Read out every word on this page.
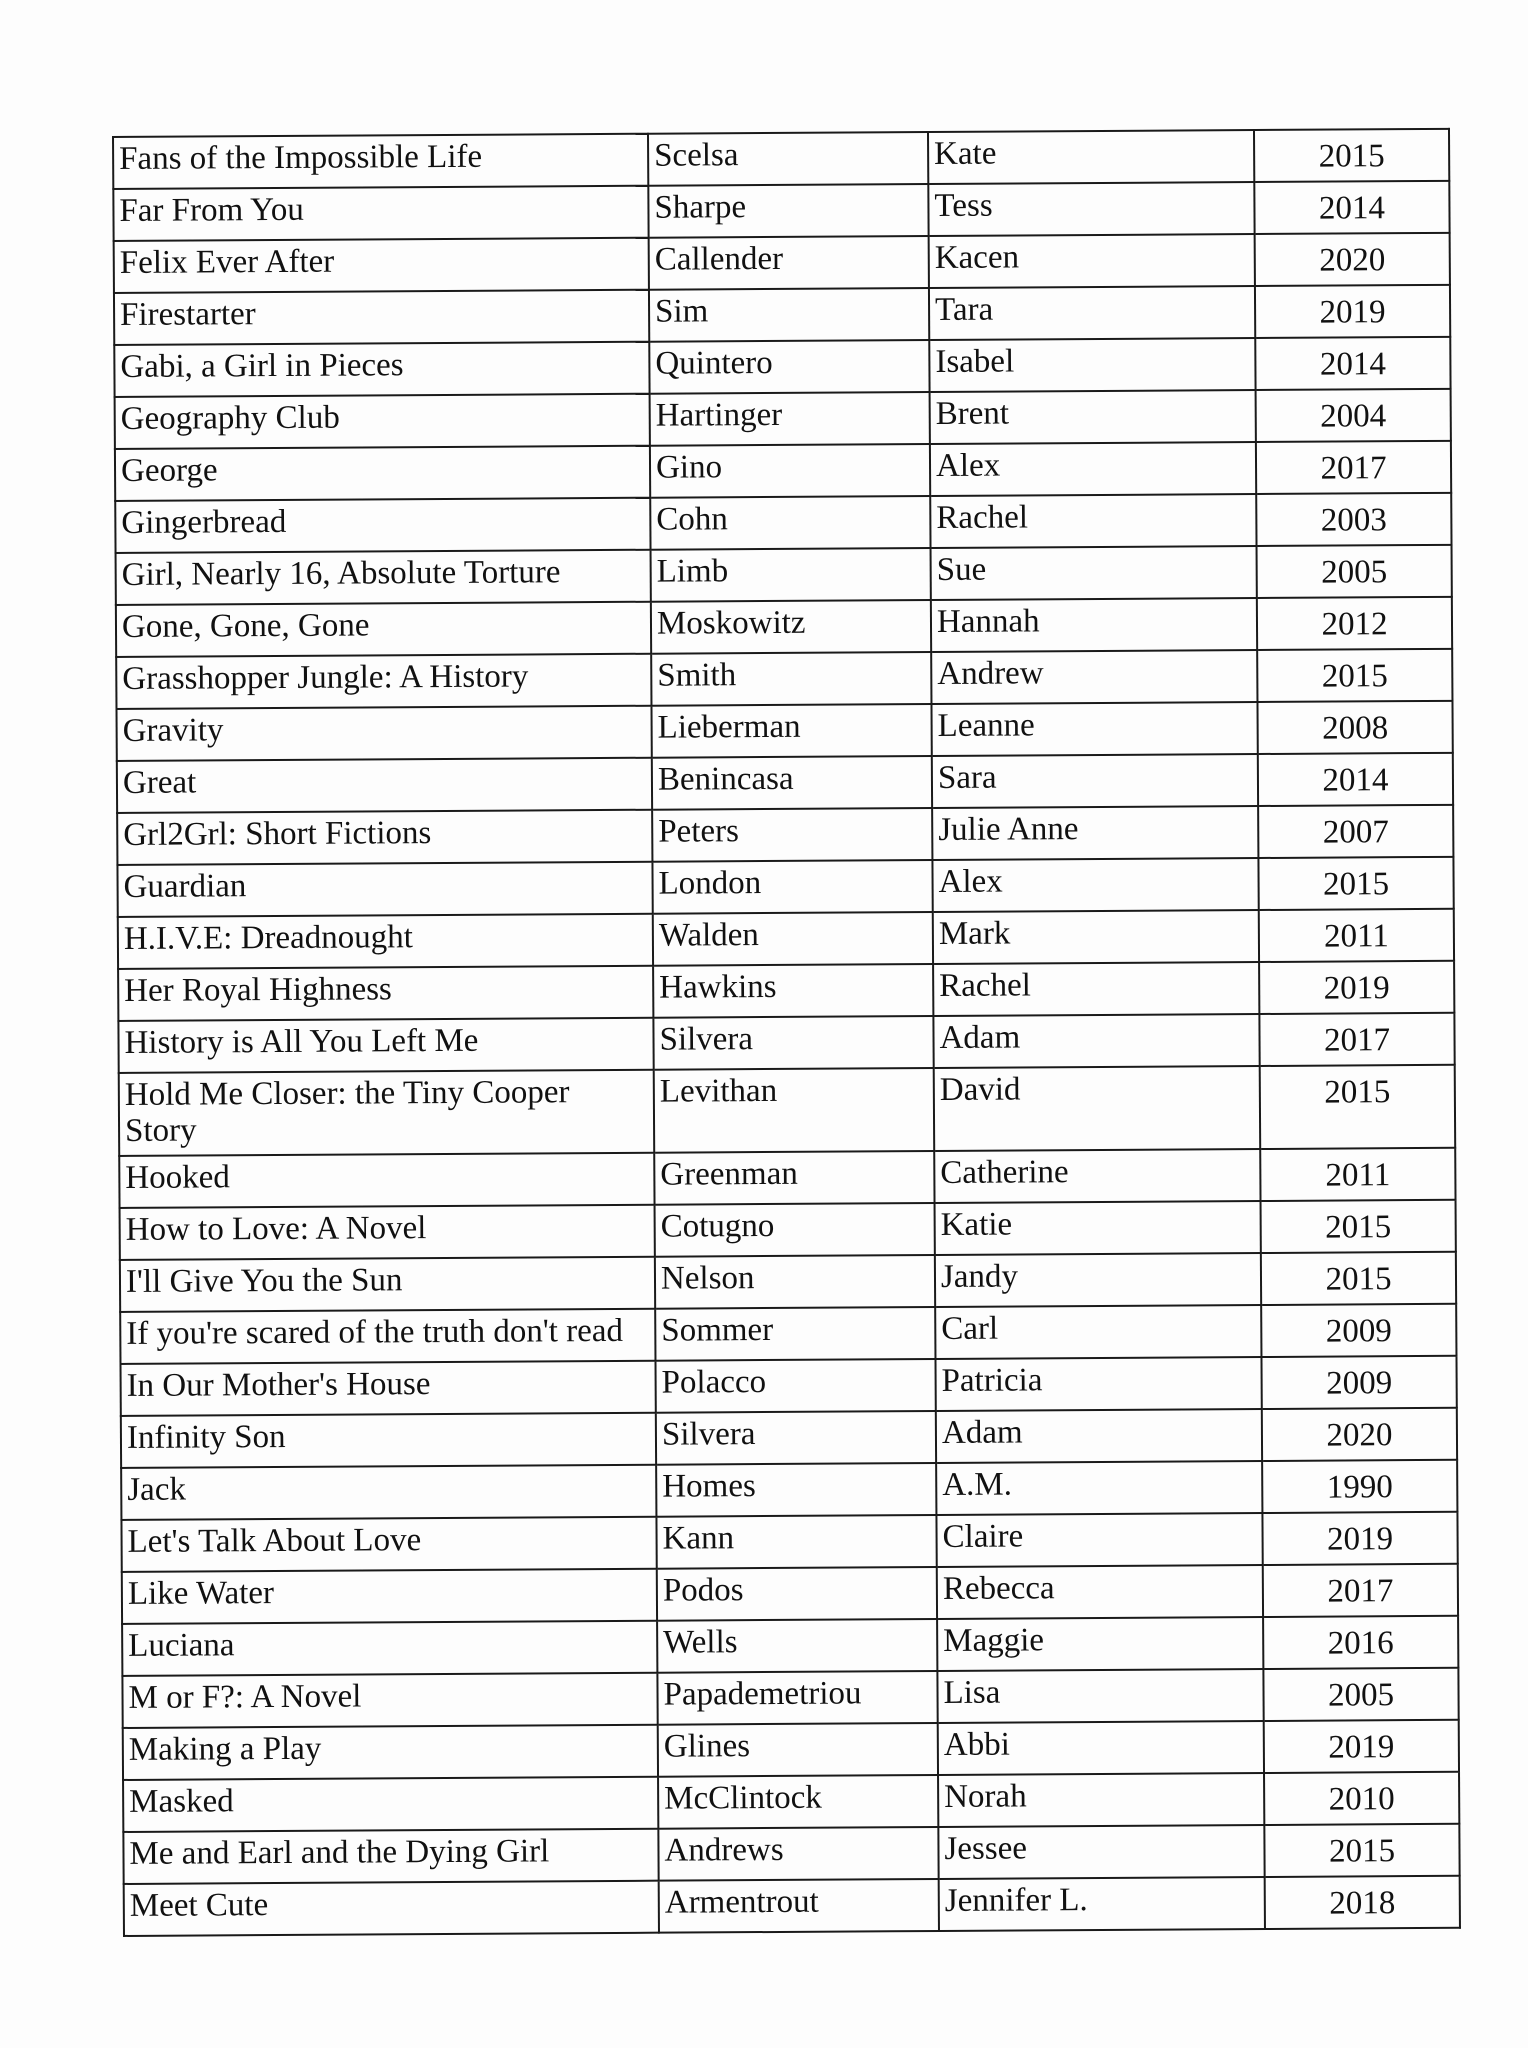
Fans of the Impossible Life	Scelsa	Kate	2015
Far From You	Sharpe	Tess	2014
Felix Ever After	Callender	Kacen	2020
Firestarter	Sim	Tara	2019
Gabi, a Girl in Pieces	Quintero	Isabel	2014
Geography Club	Hartinger	Brent	2004
George	Gino	Alex	2017
Gingerbread	Cohn	Rachel	2003
Girl, Nearly 16, Absolute Torture	Limb	Sue	2005
Gone, Gone, Gone	Moskowitz	Hannah	2012
Grasshopper Jungle: A History	Smith	Andrew	2015
Gravity	Lieberman	Leanne	2008
Great	Benincasa	Sara	2014
Grl2Grl: Short Fictions	Peters	Julie Anne	2007
Guardian	London	Alex	2015
H.I.V.E: Dreadnought	Walden	Mark	2011
Her Royal Highness	Hawkins	Rachel	2019
History is All You Left Me	Silvera	Adam	2017
Hold Me Closer: the Tiny Cooper Story	Levithan	David	2015
Hooked	Greenman	Catherine	2011
How to Love: A Novel	Cotugno	Katie	2015
I'll Give You the Sun	Nelson	Jandy	2015
If you're scared of the truth don't read	Sommer	Carl	2009
In Our Mother's House	Polacco	Patricia	2009
Infinity Son	Silvera	Adam	2020
Jack	Homes	A.M.	1990
Let's Talk About Love	Kann	Claire	2019
Like Water	Podos	Rebecca	2017
Luciana	Wells	Maggie	2016
M or F?: A Novel	Papademetriou	Lisa	2005
Making a Play	Glines	Abbi	2019
Masked	McClintock	Norah	2010
Me and Earl and the Dying Girl	Andrews	Jessee	2015
Meet Cute	Armentrout	Jennifer L.	2018
